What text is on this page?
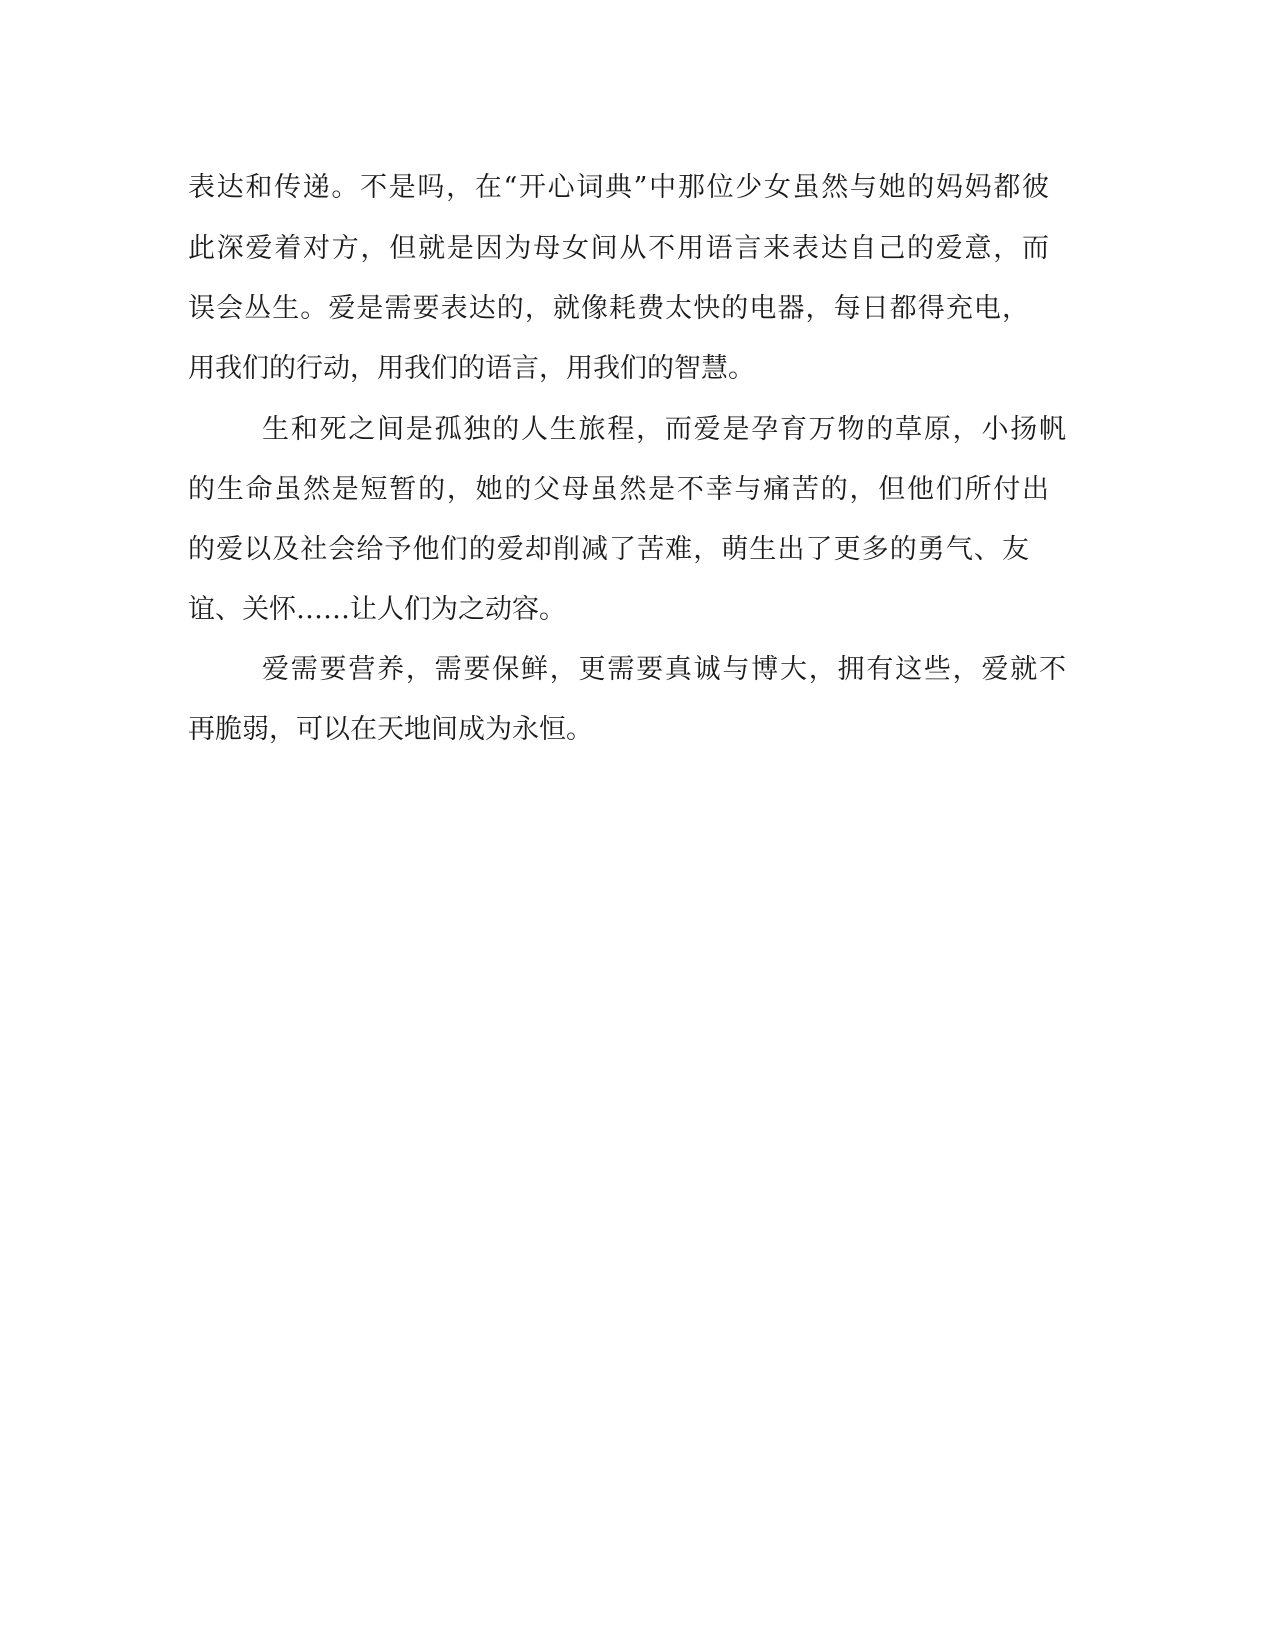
表达和传递。不是吗，在“开心词典”中那位少女虽然与她的妈妈都彼

此深爱着对方，但就是因为母女间从不用语言来表达自己的爱意，而

误会丛生。爱是需要表达的，就像耗费太快的电器，每日都得充电，

用我们的行动，用我们的语言，用我们的智慧。

生和死之间是孤独的人生旅程，而爱是孕育万物的草原，小扬帆

的生命虽然是短暂的，她的父母虽然是不幸与痛苦的，但他们所付出

的爱以及社会给予他们的爱却削减了苦难，萌生出了更多的勇气、友

谊、关怀……让人们为之动容。

爱需要营养，需要保鲜，更需要真诚与博大，拥有这些，爱就不

再脆弱，可以在天地间成为永恒。
